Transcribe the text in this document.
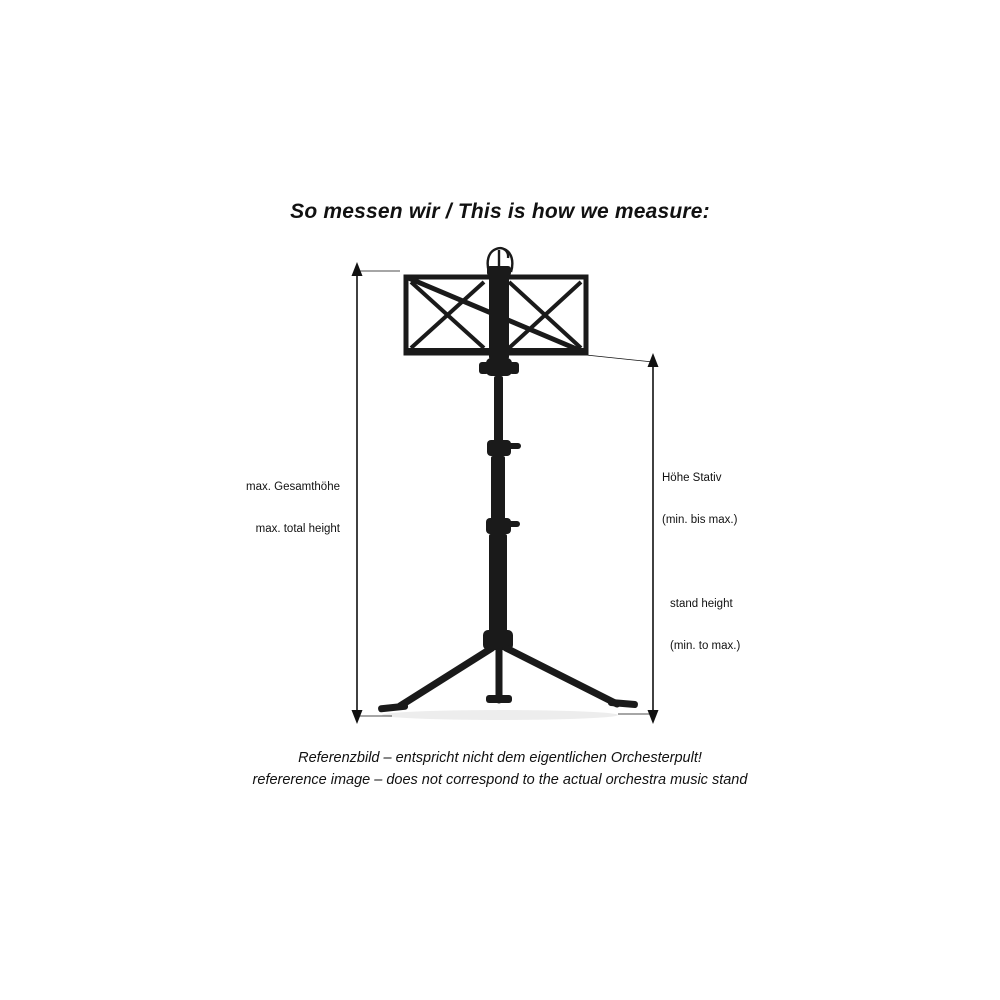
So messen wir / This is how we measure:

max. Gesamthöhe

max. total height

Höhe Stativ

(min. bis max.)

stand height

(min. to max.)

Referenzbild – entspricht nicht dem eigentlichen Orchesterpult!
refererence image – does not correspond to the actual orchestra music stand
